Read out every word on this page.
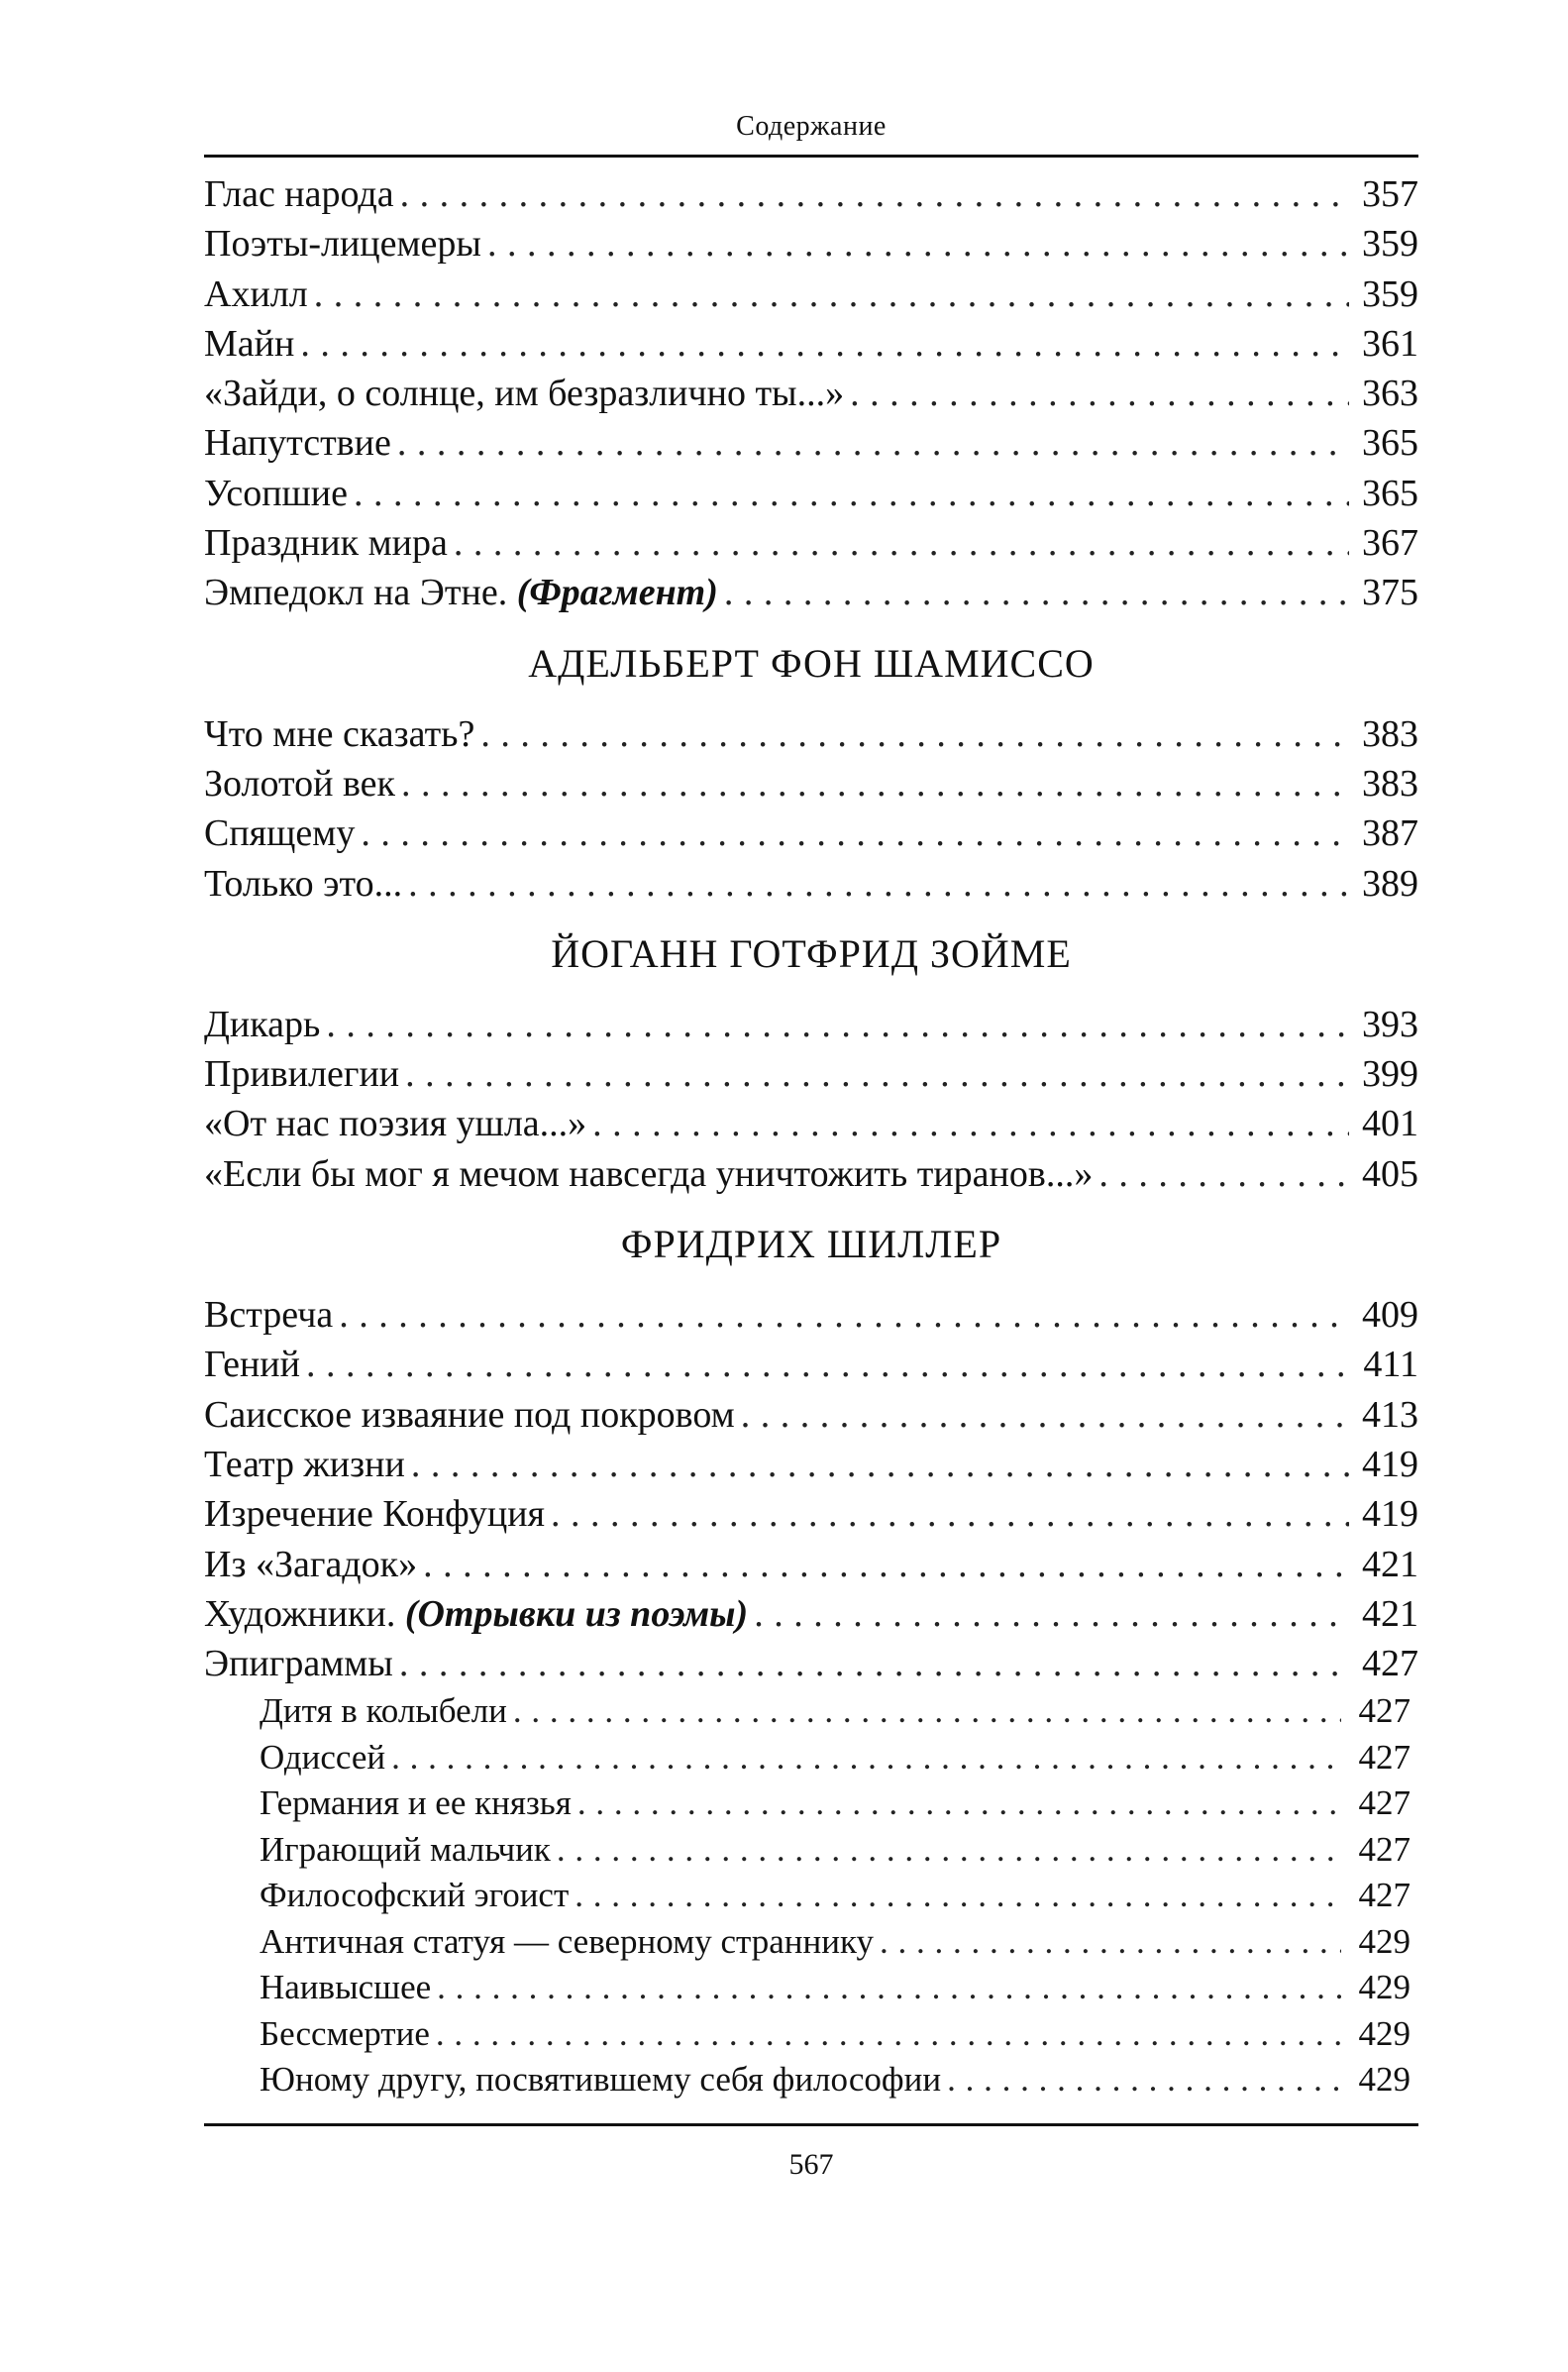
Содержание
Глас народа . . .	357
Поэты-лицемеры . . .	359
Ахилл . . .	359
Майн . . .	361
«Зайди, о солнце, им безразлично ты...» . . .	363
Напутствие . . .	365
Усопшие . . .	365
Праздник мира . . .	367
Эмпедокл на Этне. (Фрагмент) . . .	375
АДЕЛЬБЕРТ ФОН ШАМИССО
Что мне сказать? . . .	383
Золотой век . . .	383
Спящему . . .	387
Только это... . . .	389
ЙОГАНН ГОТФРИД ЗОЙМЕ
Дикарь . . .	393
Привилегии . . .	399
«От нас поэзия ушла...» . . .	401
«Если бы мог я мечом навсегда уничтожить тиранов...» . . .	405
ФРИДРИХ ШИЛЛЕР
Встреча . . .	409
Гений . . .	411
Саисское изваяние под покровом . . .	413
Театр жизни . . .	419
Изречение Конфуция . . .	419
Из «Загадок» . . .	421
Художники. (Отрывки из поэмы) . . .	421
Эпиграммы . . .	427
Дитя в колыбели . . .	427
Одиссей . . .	427
Германия и ее князья . . .	427
Играющий мальчик . . .	427
Философский эгоист . . .	427
Античная статуя — северному страннику . . .	429
Наивысшее . . .	429
Бессмертие . . .	429
Юному другу, посвятившему себя философии . . .	429
567
